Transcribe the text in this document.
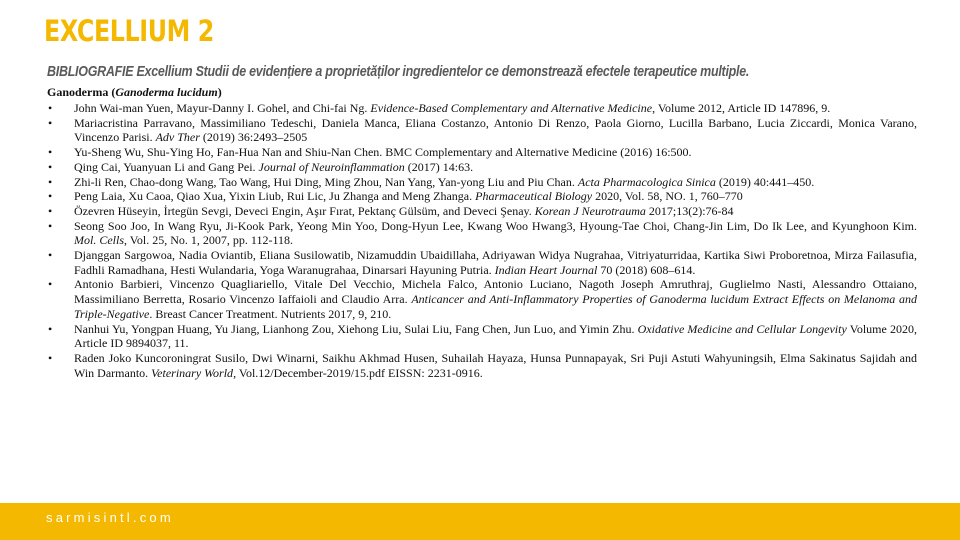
EXCELLIUM 2
BIBLIOGRAFIE Excellium Studii de evidențiere a proprietăților ingredientelor ce demonstrează efectele terapeutice multiple.
Ganoderma (Ganoderma lucidum)
• John Wai-man Yuen, Mayur-Danny I. Gohel, and Chi-fai Ng. Evidence-Based Complementary and Alternative Medicine, Volume 2012, Article ID 147896, 9.
• Mariacristina Parravano, Massimiliano Tedeschi, Daniela Manca, Eliana Costanzo, Antonio Di Renzo, Paola Giorno, Lucilla Barbano, Lucia Ziccardi, Monica Varano, Vincenzo Parisi. Adv Ther (2019) 36:2493–2505
• Yu-Sheng Wu, Shu-Ying Ho, Fan-Hua Nan and Shiu-Nan Chen. BMC Complementary and Alternative Medicine (2016) 16:500.
• Qing Cai, Yuanyuan Li and Gang Pei. Journal of Neuroinflammation (2017) 14:63.
• Zhi-li Ren, Chao-dong Wang, Tao Wang, Hui Ding, Ming Zhou, Nan Yang, Yan-yong Liu and Piu Chan. Acta Pharmacologica Sinica (2019) 40:441–450.
• Peng Laia, Xu Caoa, Qiao Xua, Yixin Liub, Rui Lic, Ju Zhanga and Meng Zhanga. Pharmaceutical Biology 2020, Vol. 58, NO. 1, 760–770
• Özevren Hüseyin, İrtegün Sevgi, Deveci Engin, Aşır Fırat, Pektanç Gülsüm, and Deveci Şenay. Korean J Neurotrauma 2017;13(2):76-84
• Seong Soo Joo, In Wang Ryu, Ji-Kook Park, Yeong Min Yoo, Dong-Hyun Lee, Kwang Woo Hwang3, Hyoung-Tae Choi, Chang-Jin Lim, Do Ik Lee, and Kyunghoon Kim. Mol. Cells, Vol. 25, No. 1, 2007, pp. 112-118.
• Djanggan Sargowoa, Nadia Oviantib, Eliana Susilowatib, Nizamuddin Ubaidillaha, Adriyawan Widya Nugrahaa, Vitriyaturridaa, Kartika Siwi Proboretnoa, Mirza Failasufia, Fadhli Ramadhana, Hesti Wulandaria, Yoga Waranugrahaa, Dinarsari Hayuning Putria. Indian Heart Journal 70 (2018) 608–614.
• Antonio Barbieri, Vincenzo Quagliariello, Vitale Del Vecchio, Michela Falco, Antonio Luciano, Nagoth Joseph Amruthraj, Guglielmo Nasti, Alessandro Ottaiano, Massimiliano Berretta, Rosario Vincenzo Iaffaioli and Claudio Arra. Anticancer and Anti-Inflammatory Properties of Ganoderma lucidum Extract Effects on Melanoma and Triple-Negative. Breast Cancer Treatment. Nutrients 2017, 9, 210.
• Nanhui Yu, Yongpan Huang, Yu Jiang, Lianhong Zou, Xiehong Liu, Sulai Liu, Fang Chen, Jun Luo, and Yimin Zhu. Oxidative Medicine and Cellular Longevity Volume 2020, Article ID 9894037, 11.
• Raden Joko Kuncoroningrat Susilo, Dwi Winarni, Saikhu Akhmad Husen, Suhailah Hayaza, Hunsa Punnapayak, Sri Puji Astuti Wahyuningsih, Elma Sakinatus Sajidah and Win Darmanto. Veterinary World, Vol.12/December-2019/15.pdf EISSN: 2231-0916.
sarmisintl.com
